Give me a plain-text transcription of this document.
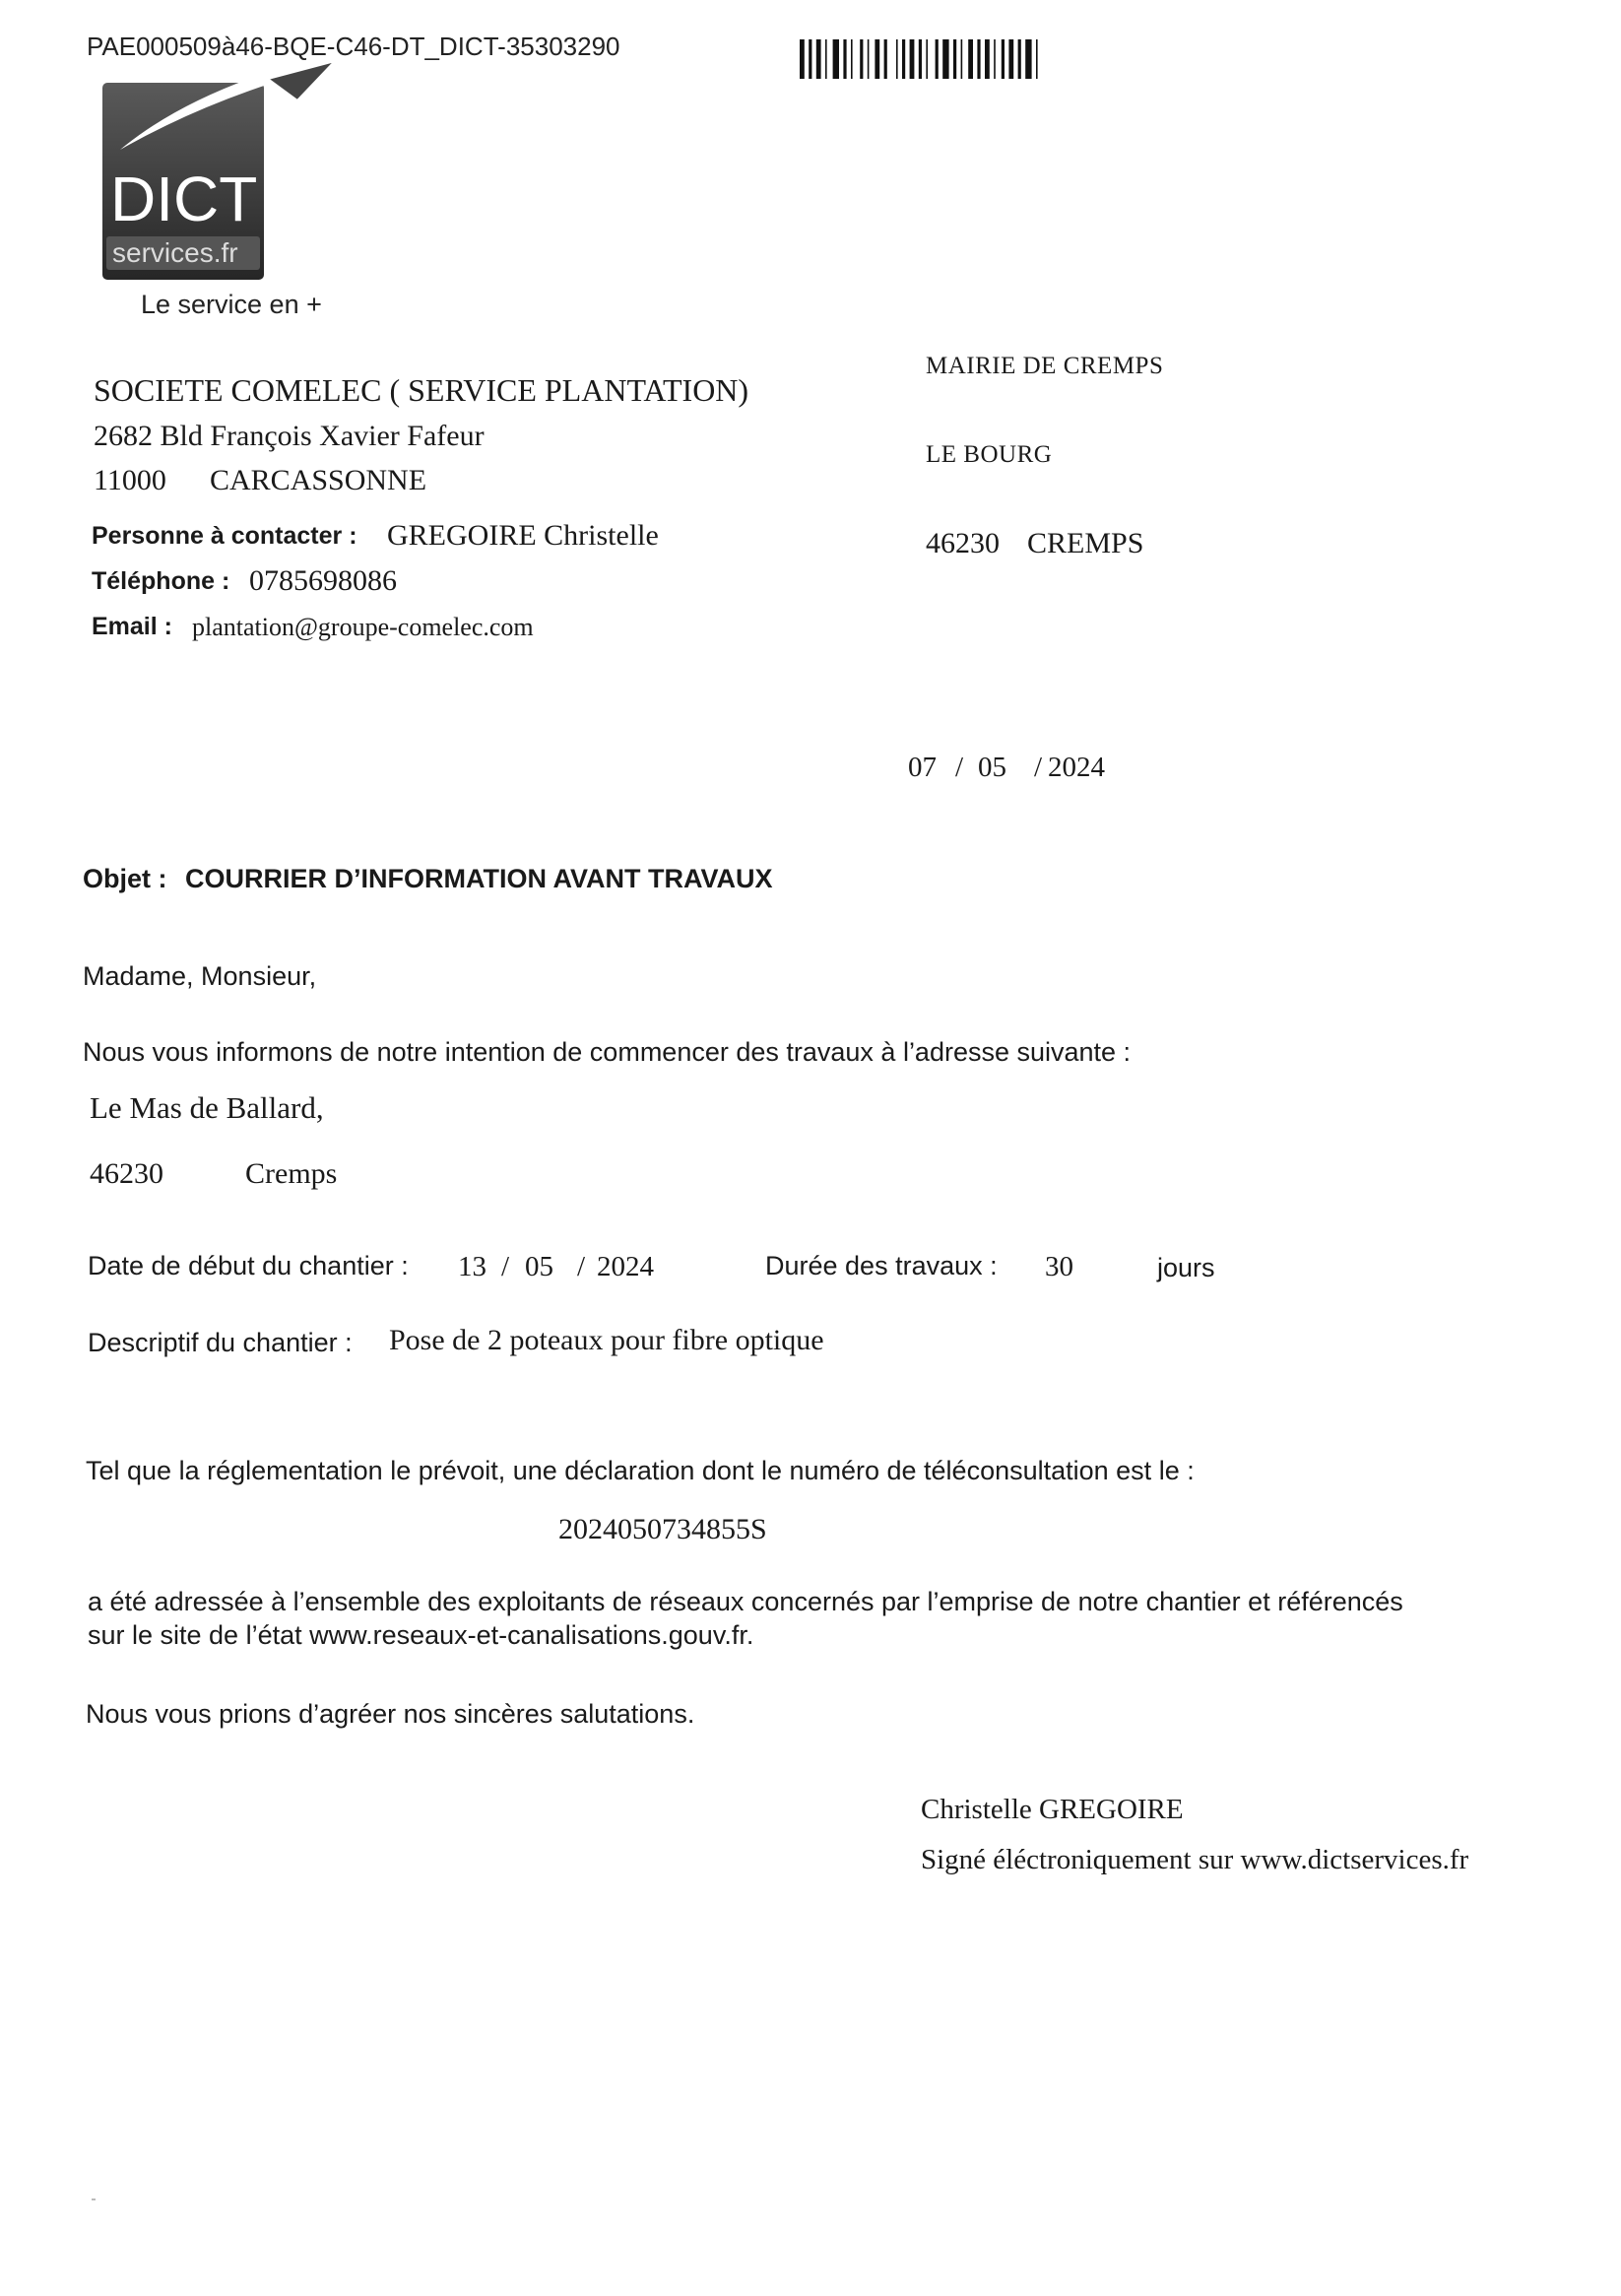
PAE000509à46-BQE-C46-DT_DICT-35303290
DICT
services.fr
Le service en +
SOCIETE COMELEC ( SERVICE PLANTATION)
2682 Bld François Xavier Fafeur
11000 CARCASSONNE
Personne à contacter : GREGOIRE Christelle
Téléphone : 0785698086
Email : plantation@groupe-comelec.com
MAIRIE DE CREMPS
LE BOURG
46230 CREMPS
07 / 05 / 2024
Objet : COURRIER D’INFORMATION AVANT TRAVAUX
Madame, Monsieur,
Nous vous informons de notre intention de commencer des travaux à l’adresse suivante :
Le Mas de Ballard,
46230	Cremps
Date de début du chantier : 13 / 05 / 2024	Durée des travaux : 30	jours
Descriptif du chantier : Pose de 2 poteaux pour fibre optique
Tel que la réglementation le prévoit, une déclaration dont le numéro de téléconsultation est le :
2024050734855S
a été adressée à l’ensemble des exploitants de réseaux concernés par l’emprise de notre chantier et référencés
sur le site de l’état www.reseaux-et-canalisations.gouv.fr.
Nous vous prions d’agréer nos sincères salutations.
Christelle GREGOIRE
Signé éléctroniquement sur www.dictservices.fr
